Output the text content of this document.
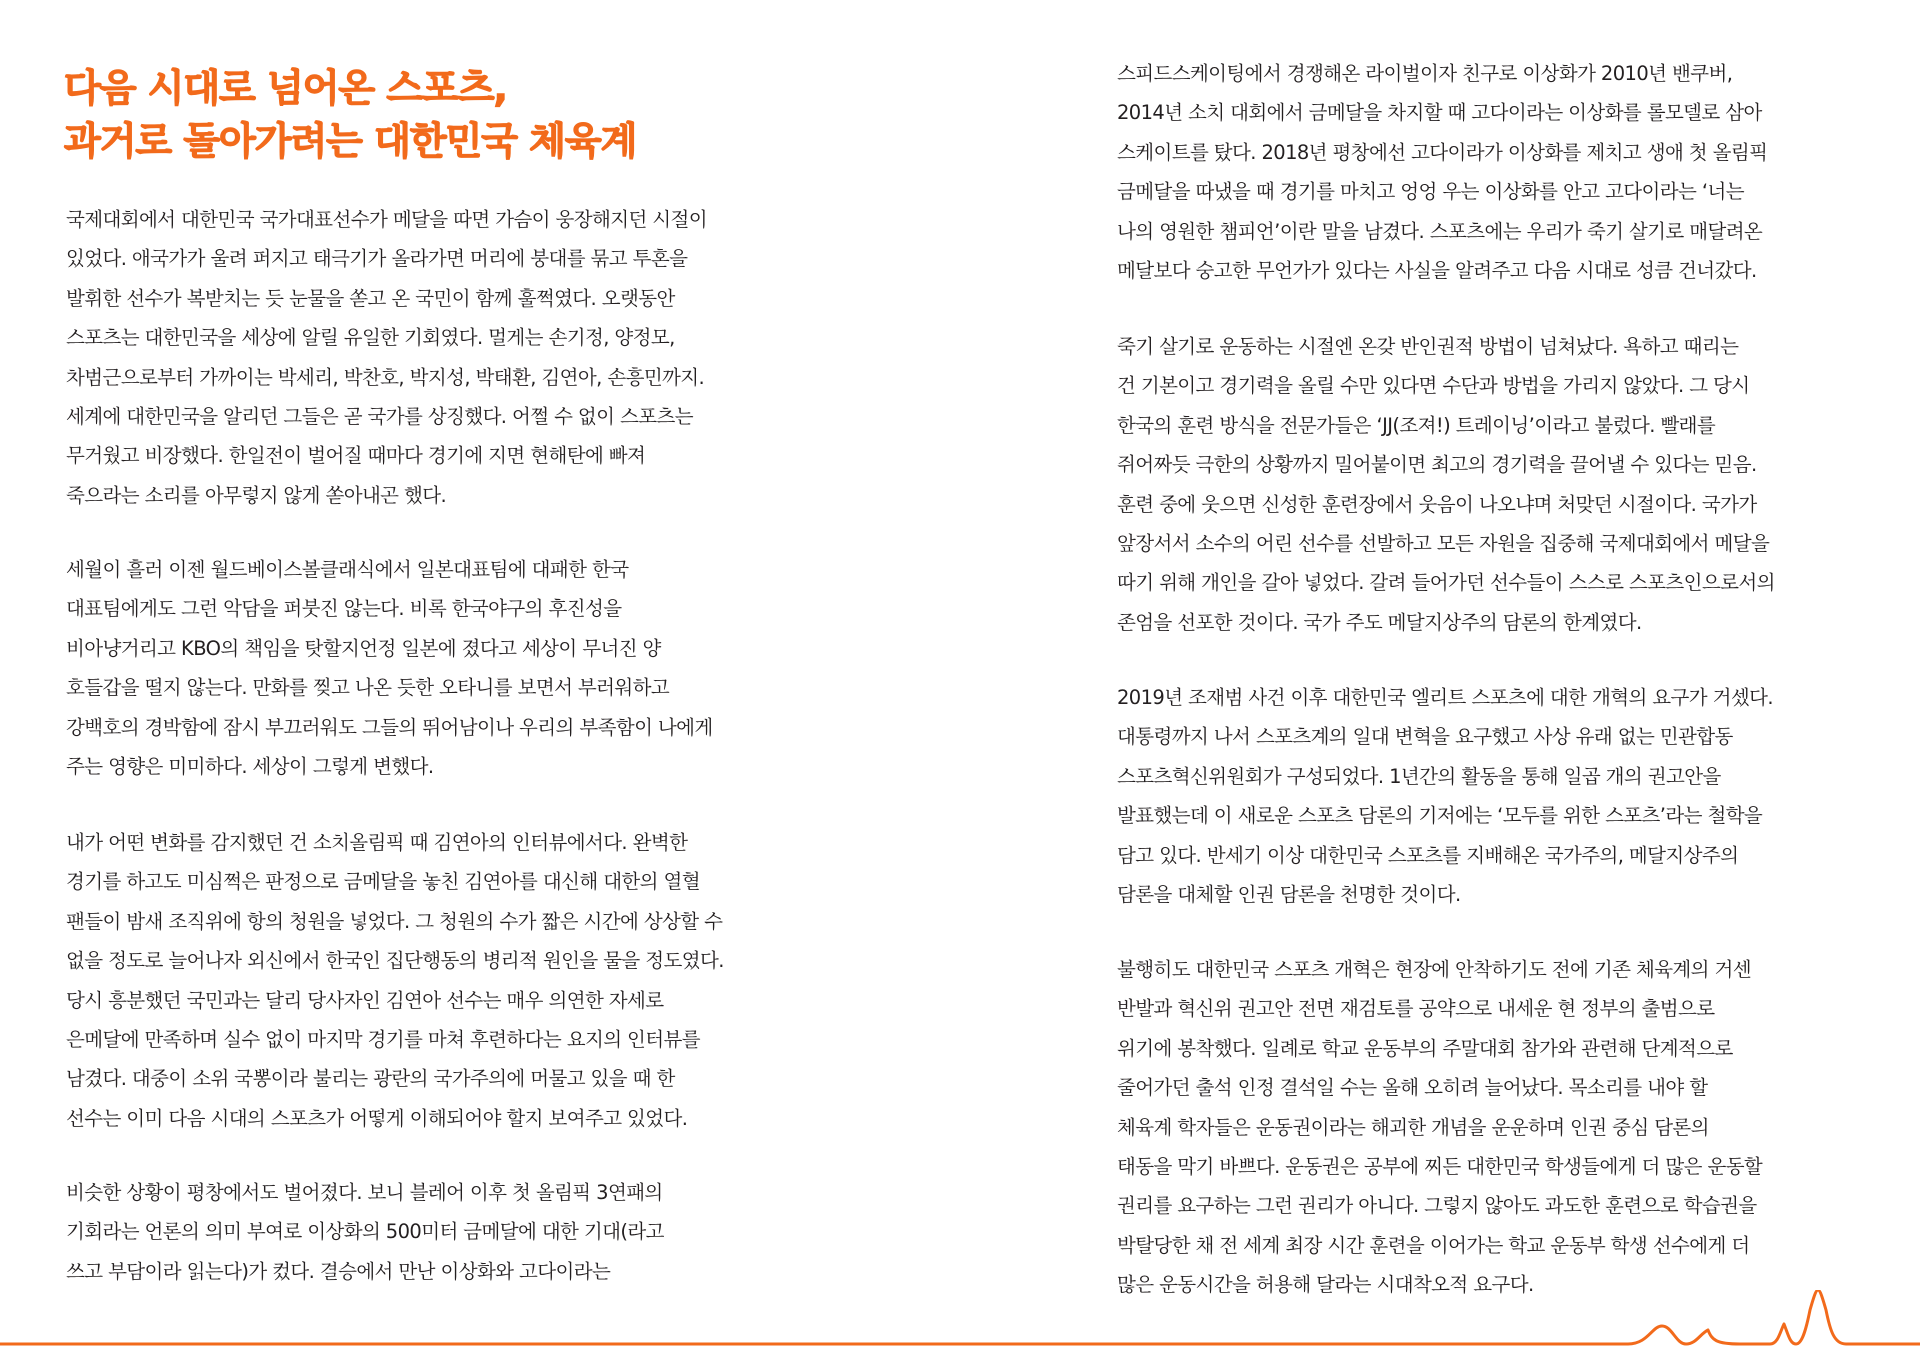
다음 시대로 넘어온 스포츠,
과거로 돌아가려는 대한민국 체육계

국제대회에서 대한민국 국가대표선수가 메달을 따면 가슴이 웅장해지던 시절이
있었다. 애국가가 울려 퍼지고 태극기가 올라가면 머리에 붕대를 묶고 투혼을
발휘한 선수가 복받치는 듯 눈물을 쏟고 온 국민이 함께 훌쩍였다. 오랫동안
스포츠는 대한민국을 세상에 알릴 유일한 기회였다. 멀게는 손기정, 양정모,
차범근으로부터 가까이는 박세리, 박찬호, 박지성, 박태환, 김연아, 손흥민까지.
세계에 대한민국을 알리던 그들은 곧 국가를 상징했다. 어쩔 수 없이 스포츠는
무거웠고 비장했다. 한일전이 벌어질 때마다 경기에 지면 현해탄에 빠져
죽으라는 소리를 아무렇지 않게 쏟아내곤 했다.

세월이 흘러 이젠 월드베이스볼클래식에서 일본대표팀에 대패한 한국
대표팀에게도 그런 악담을 퍼붓진 않는다. 비록 한국야구의 후진성을
비아냥거리고 KBO의 책임을 탓할지언정 일본에 졌다고 세상이 무너진 양
호들갑을 떨지 않는다. 만화를 찢고 나온 듯한 오타니를 보면서 부러워하고
강백호의 경박함에 잠시 부끄러워도 그들의 뛰어남이나 우리의 부족함이 나에게
주는 영향은 미미하다. 세상이 그렇게 변했다.

내가 어떤 변화를 감지했던 건 소치올림픽 때 김연아의 인터뷰에서다. 완벽한
경기를 하고도 미심쩍은 판정으로 금메달을 놓친 김연아를 대신해 대한의 열혈
팬들이 밤새 조직위에 항의 청원을 넣었다. 그 청원의 수가 짧은 시간에 상상할 수
없을 정도로 늘어나자 외신에서 한국인 집단행동의 병리적 원인을 물을 정도였다.
당시 흥분했던 국민과는 달리 당사자인 김연아 선수는 매우 의연한 자세로
은메달에 만족하며 실수 없이 마지막 경기를 마쳐 후련하다는 요지의 인터뷰를
남겼다. 대중이 소위 국뽕이라 불리는 광란의 국가주의에 머물고 있을 때 한
선수는 이미 다음 시대의 스포츠가 어떻게 이해되어야 할지 보여주고 있었다.

비슷한 상황이 평창에서도 벌어졌다. 보니 블레어 이후 첫 올림픽 3연패의
기회라는 언론의 의미 부여로 이상화의 500미터 금메달에 대한 기대(라고
쓰고 부담이라 읽는다)가 컸다. 결승에서 만난 이상화와 고다이라는

스피드스케이팅에서 경쟁해온 라이벌이자 친구로 이상화가 2010년 밴쿠버,
2014년 소치 대회에서 금메달을 차지할 때 고다이라는 이상화를 롤모델로 삼아
스케이트를 탔다. 2018년 평창에선 고다이라가 이상화를 제치고 생애 첫 올림픽
금메달을 따냈을 때 경기를 마치고 엉엉 우는 이상화를 안고 고다이라는 ‘너는
나의 영원한 챔피언’이란 말을 남겼다. 스포츠에는 우리가 죽기 살기로 매달려온
메달보다 숭고한 무언가가 있다는 사실을 알려주고 다음 시대로 성큼 건너갔다.

죽기 살기로 운동하는 시절엔 온갖 반인권적 방법이 넘쳐났다. 욕하고 때리는
건 기본이고 경기력을 올릴 수만 있다면 수단과 방법을 가리지 않았다. 그 당시
한국의 훈련 방식을 전문가들은 ‘JJ(조져!) 트레이닝’이라고 불렀다. 빨래를
쥐어짜듯 극한의 상황까지 밀어붙이면 최고의 경기력을 끌어낼 수 있다는 믿음.
훈련 중에 웃으면 신성한 훈련장에서 웃음이 나오냐며 처맞던 시절이다. 국가가
앞장서서 소수의 어린 선수를 선발하고 모든 자원을 집중해 국제대회에서 메달을
따기 위해 개인을 갈아 넣었다. 갈려 들어가던 선수들이 스스로 스포츠인으로서의
존엄을 선포한 것이다. 국가 주도 메달지상주의 담론의 한계였다.

2019년 조재범 사건 이후 대한민국 엘리트 스포츠에 대한 개혁의 요구가 거셌다.
대통령까지 나서 스포츠계의 일대 변혁을 요구했고 사상 유래 없는 민관합동
스포츠혁신위원회가 구성되었다. 1년간의 활동을 통해 일곱 개의 권고안을
발표했는데 이 새로운 스포츠 담론의 기저에는 ‘모두를 위한 스포츠’라는 철학을
담고 있다. 반세기 이상 대한민국 스포츠를 지배해온 국가주의, 메달지상주의
담론을 대체할 인권 담론을 천명한 것이다.

불행히도 대한민국 스포츠 개혁은 현장에 안착하기도 전에 기존 체육계의 거센
반발과 혁신위 권고안 전면 재검토를 공약으로 내세운 현 정부의 출범으로
위기에 봉착했다. 일례로 학교 운동부의 주말대회 참가와 관련해 단계적으로
줄어가던 출석 인정 결석일 수는 올해 오히려 늘어났다. 목소리를 내야 할
체육계 학자들은 운동권이라는 해괴한 개념을 운운하며 인권 중심 담론의
태동을 막기 바쁘다. 운동권은 공부에 찌든 대한민국 학생들에게 더 많은 운동할
권리를 요구하는 그런 권리가 아니다. 그렇지 않아도 과도한 훈련으로 학습권을
박탈당한 채 전 세계 최장 시간 훈련을 이어가는 학교 운동부 학생 선수에게 더
많은 운동시간을 허용해 달라는 시대착오적 요구다.
